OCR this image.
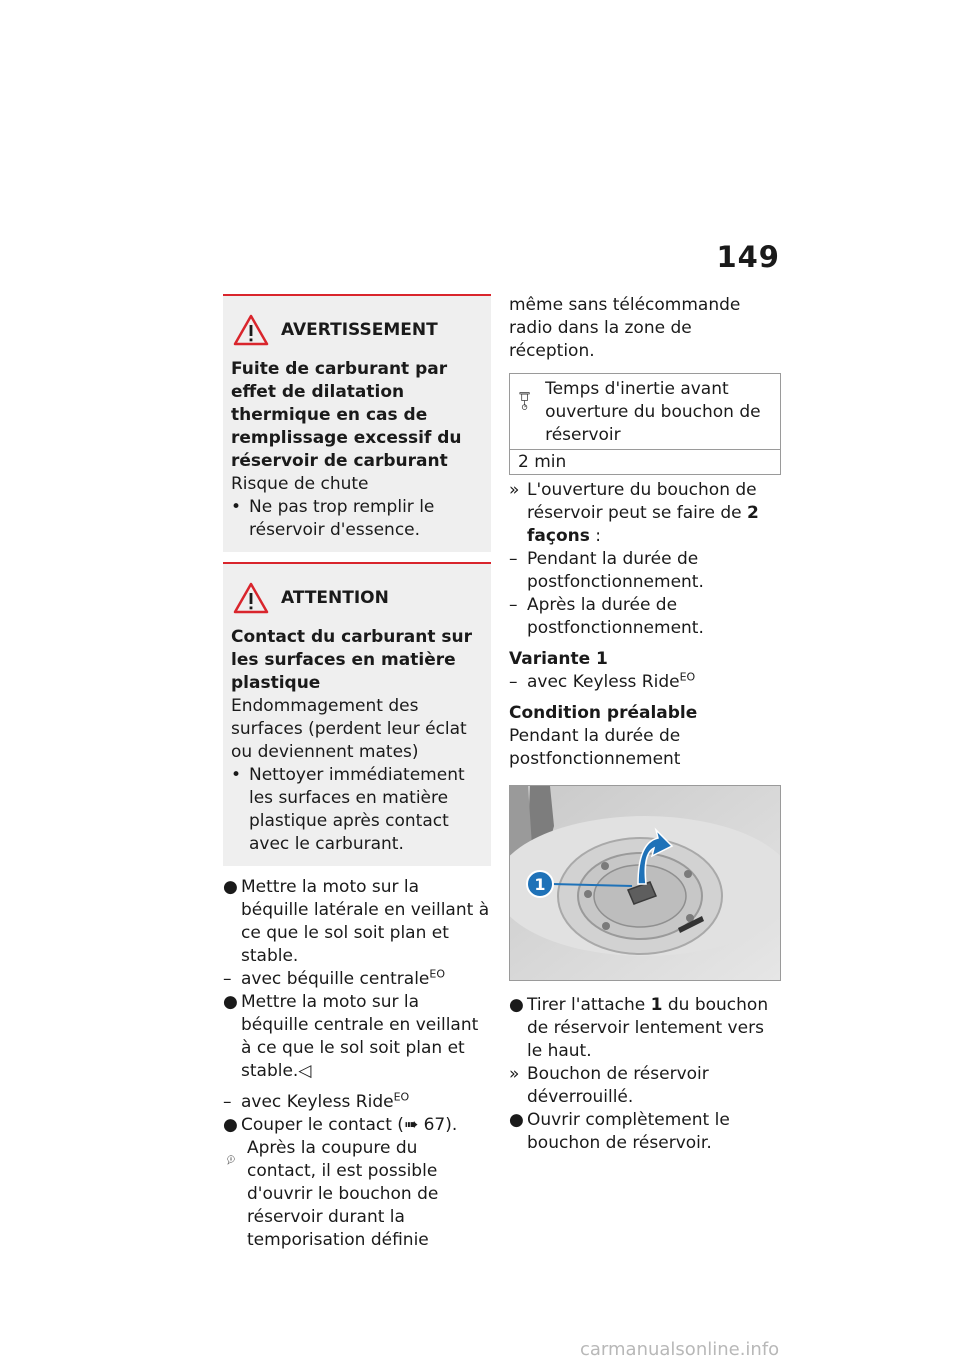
149
AVERTISSEMENT
Fuite de carburant par effet de dilatation thermique en cas de remplissage excessif du réservoir de carburant

Risque de chute

• Ne pas trop remplir le réservoir d'essence.
ATTENTION
Contact du carburant sur les surfaces en matière plastique

Endommagement des surfaces (perdent leur éclat ou deviennent mates)

• Nettoyer immédiatement les surfaces en matière plastique après contact avec le carburant.
● Mettre la moto sur la béquille latérale en veillant à ce que le sol soit plan et stable.
– avec béquille centrale$^{EO}$
● Mettre la moto sur la béquille centrale en veillant à ce que le sol soit plan et stable.◁
– avec Keyless Ride$^{EO}$
● Couper le contact (➠ 67).
Après la coupure du contact, il est possible d'ouvrir le bouchon de réservoir durant la temporisation définie

même sans télécommande radio dans la zone de réception.

Temps d'inertie avant ouverture du bouchon de réservoir
2 min
» L'ouverture du bouchon de réservoir peut se faire de 2
façons :
– Pendant la durée de postfonctionnement.
– Après la durée de postfonctionnement.
Variante 1
– avec Keyless Ride$^{EO}$
Condition préalable

Pendant la durée de postfonctionnement

1
● Tirer l'attache 1 du bouchon de réservoir lentement vers le haut.
» Bouchon de réservoir déverrouillé.
● Ouvrir complètement le bouchon de réservoir.
carmanualsonline.info
